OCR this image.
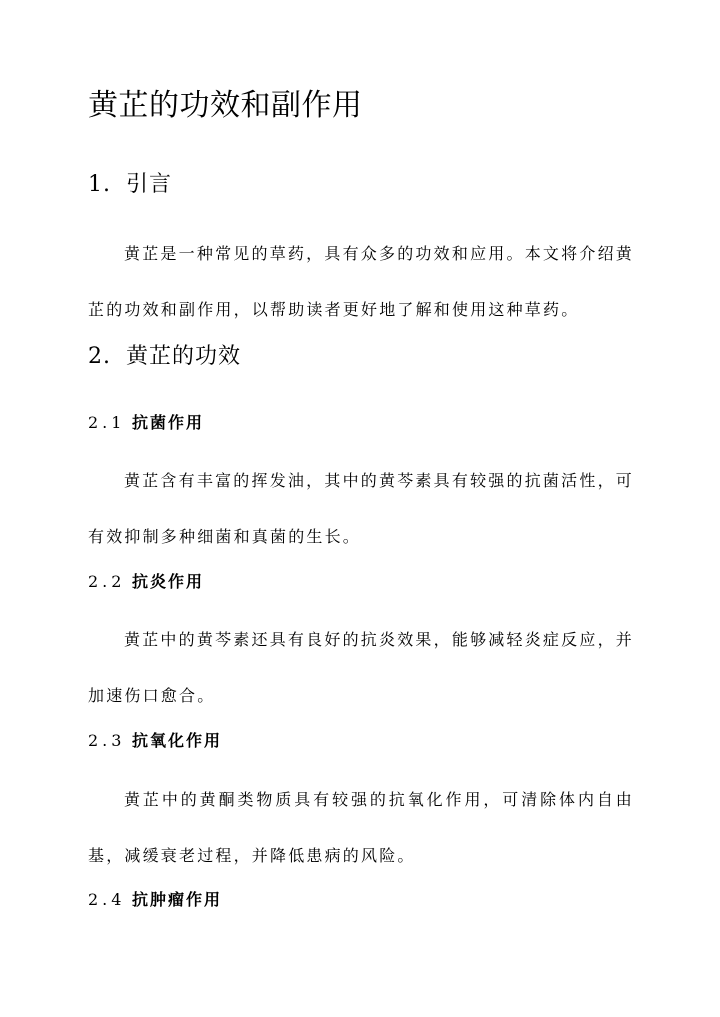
黄芷的功效和副作用
1. 引言

黄芷是一种常见的草药，具有众多的功效和应用。本文将介绍黄芷的功效和副作用，以帮助读者更好地了解和使用这种草药。

2. 黄芷的功效
2.1 抗菌作用

黄芷含有丰富的挥发油，其中的黄芩素具有较强的抗菌活性，可有效抑制多种细菌和真菌的生长。

2.2 抗炎作用

黄芷中的黄芩素还具有良好的抗炎效果，能够减轻炎症反应，并加速伤口愈合。

2.3 抗氧化作用

黄芷中的黄酮类物质具有较强的抗氧化作用，可清除体内自由基，减缓衰老过程，并降低患病的风险。

2.4 抗肿瘤作用
